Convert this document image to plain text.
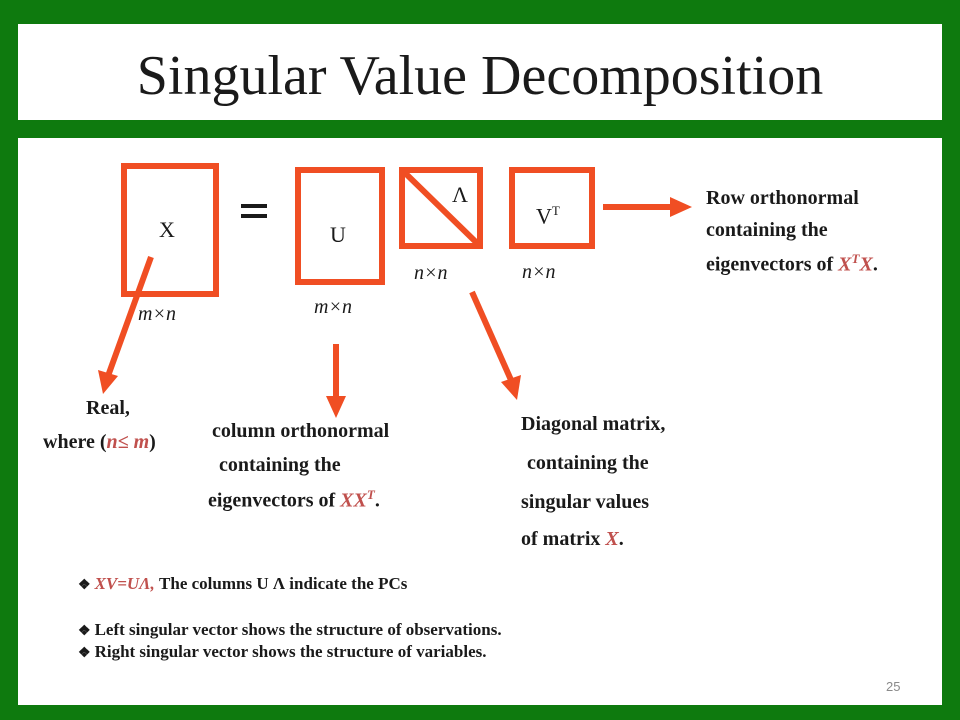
Singular Value Decomposition
X	U
Λ
$V^T$
m×n	m×n
n×n	n×n
Row orthonormal
containing the
eigenvectors of $X^TX$.
Real,
where (n≤ m)	column orthonormal
containing the
eigenvectors of $XX^T$.
Diagonal matrix,
containing the
singular values
of matrix X.
❖ XV=UΛ, The columns U Λ indicate the PCs
❖ Left singular vector shows the structure of observations.
❖ Right singular vector shows the structure of variables.
25
